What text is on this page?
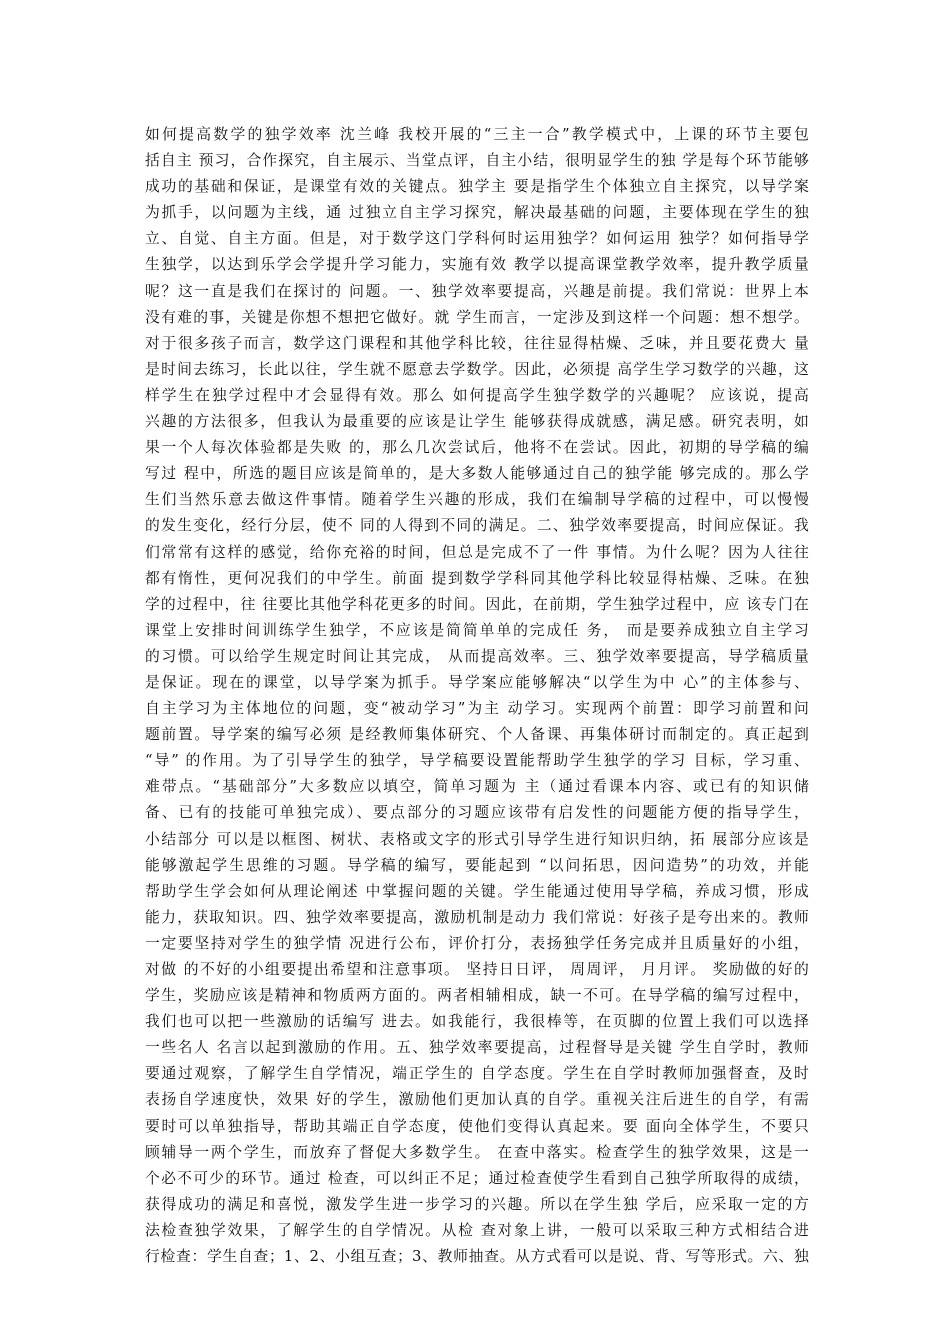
如何提高数学的独学效率 沈兰峰 我校开展的“三主一合”教学模式中，上课的环节主要包
括自主 预习，合作探究，自主展示、当堂点评，自主小结，很明显学生的独 学是每个环节能够
成功的基础和保证，是课堂有效的关键点。独学主 要是指学生个体独立自主探究，以导学案
为抓手，以问题为主线，通 过独立自主学习探究，解决最基础的问题，主要体现在学生的独
立、自觉、自主方面。但是，对于数学这门学科何时运用独学？如何运用 独学？如何指导学
生独学，以达到乐学会学提升学习能力，实施有效 教学以提高课堂教学效率，提升教学质量
呢？这一直是我们在探讨的 问题。一、独学效率要提高，兴趣是前提。我们常说：世界上本
没有难的事，关键是你想不想把它做好。就 学生而言，一定涉及到这样一个问题：想不想学。
对于很多孩子而言，数学这门课程和其他学科比较，往往显得枯燥、乏味，并且要花费大 量
是时间去练习，长此以往，学生就不愿意去学数学。因此，必须提 高学生学习数学的兴趣，这
样学生在独学过程中才会显得有效。那么 如何提高学生独学数学的兴趣呢？ 应该说，提高
兴趣的方法很多，但我认为最重要的应该是让学生 能够获得成就感，满足感。研究表明，如
果一个人每次体验都是失败 的，那么几次尝试后，他将不在尝试。因此，初期的导学稿的编
写过 程中，所选的题目应该是简单的，是大多数人能够通过自己的独学能 够完成的。那么学
生们当然乐意去做这件事情。随着学生兴趣的形成，我们在编制导学稿的过程中，可以慢慢
的发生变化，经行分层，使不 同的人得到不同的满足。二、独学效率要提高，时间应保证。我
们常常有这样的感觉，给你充裕的时间，但总是完成不了一件 事情。为什么呢？因为人往往
都有惰性，更何况我们的中学生。前面 提到数学学科同其他学科比较显得枯燥、乏味。在独
学的过程中，往 往要比其他学科花更多的时间。因此，在前期，学生独学过程中，应 该专门在
课堂上安排时间训练学生独学，不应该是简简单单的完成任 务， 而是要养成独立自主学习
的习惯。可以给学生规定时间让其完成， 从而提高效率。三、独学效率要提高，导学稿质量
是保证。现在的课堂，以导学案为抓手。导学案应能够解决“以学生为中 心”的主体参与、
自主学习为主体地位的问题，变“被动学习”为主 动学习。实现两个前置：即学习前置和问
题前置。导学案的编写必须 是经教师集体研究、个人备课、再集体研讨而制定的。真正起到
“导” 的作用。为了引导学生的独学，导学稿要设置能帮助学生独学的学习 目标，学习重、
难带点。“基础部分”大多数应以填空，简单习题为 主（通过看课本内容、或已有的知识储
备、已有的技能可单独完成）、要点部分的习题应该带有启发性的问题能方便的指导学生，
小结部分 可以是以框图、树状、表格或文字的形式引导学生进行知识归纳，拓 展部分应该是
能够激起学生思维的习题。导学稿的编写，要能起到 “以问拓思，因问造势”的功效，并能
帮助学生学会如何从理论阐述 中掌握问题的关键。学生能通过使用导学稿，养成习惯，形成
能力，获取知识。四、独学效率要提高，激励机制是动力 我们常说：好孩子是夸出来的。教师
一定要坚持对学生的独学情 况进行公布，评价打分，表扬独学任务完成并且质量好的小组，
对做 的不好的小组要提出希望和注意事项。 坚持日日评， 周周评， 月月评。 奖励做的好的
学生，奖励应该是精神和物质两方面的。两者相辅相成，缺一不可。在导学稿的编写过程中，
我们也可以把一些激励的话编写 进去。如我能行，我很棒等，在页脚的位置上我们可以选择
一些名人 名言以起到激励的作用。五、独学效率要提高，过程督导是关键 学生自学时，教师
要通过观察，了解学生自学情况，端正学生的 自学态度。学生在自学时教师加强督查，及时
表扬自学速度快，效果 好的学生，激励他们更加认真的自学。重视关注后进生的自学，有需
要时可以单独指导，帮助其端正自学态度，使他们变得认真起来。要 面向全体学生，不要只
顾辅导一两个学生，而放弃了督促大多数学生。 在查中落实。检查学生的独学效果，这是一
个必不可少的环节。通过 检查，可以纠正不足；通过检查使学生看到自己独学所取得的成绩，
获得成功的满足和喜悦，激发学生进一步学习的兴趣。所以在学生独 学后，应采取一定的方
法检查独学效果，了解学生的自学情况。从检 查对象上讲，一般可以采取三种方式相结合进
行检查：学生自查；1、2、小组互查；3、教师抽查。从方式看可以是说、背、写等形式。六、独
